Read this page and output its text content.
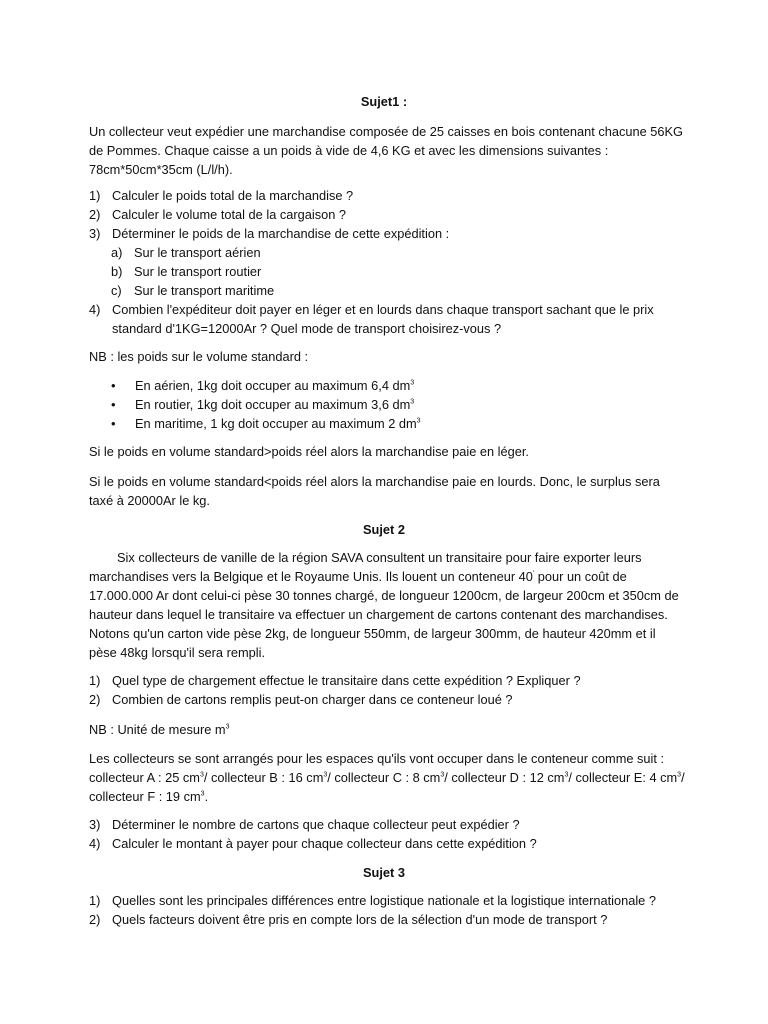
Sujet1 :

Un collecteur veut expédier une marchandise composée de 25 caisses en bois contenant chacune 56KG de Pommes. Chaque caisse a un poids à vide de 4,6 KG et avec les dimensions suivantes : 78cm*50cm*35cm (L/l/h).

1) Calculer le poids total de la marchandise ?
2) Calculer le volume total de la cargaison ?
3) Déterminer le poids de la marchandise de cette expédition :
a) Sur le transport aérien
b) Sur le transport routier
c) Sur le transport maritime
4) Combien l'expéditeur doit payer en léger et en lourds dans chaque transport sachant que le prix standard d'1KG=12000Ar ? Quel mode de transport choisirez-vous ?

NB : les poids sur le volume standard :

• En aérien, 1kg doit occuper au maximum 6,4 $dm^3$
• En routier, 1kg doit occuper au maximum 3,6 $dm^3$
• En maritime, 1 kg doit occuper au maximum 2 $dm^3$

Si le poids en volume standard>poids réel alors la marchandise paie en léger.

Si le poids en volume standard<poids réel alors la marchandise paie en lourds. Donc, le surplus sera taxé à 20000Ar le kg.

Sujet 2

Six collecteurs de vanille de la région SAVA consultent un transitaire pour faire exporter leurs marchandises vers la Belgique et le Royaume Unis. Ils louent un conteneur 40' pour un coût de 17.000.000 Ar dont celui-ci pèse 30 tonnes chargé, de longueur 1200cm, de largeur 200cm et 350cm de hauteur dans lequel le transitaire va effectuer un chargement de cartons contenant des marchandises. Notons qu'un carton vide pèse 2kg, de longueur 550mm, de largeur 300mm, de hauteur 420mm et il pèse 48kg lorsqu'il sera rempli.

1) Quel type de chargement effectue le transitaire dans cette expédition ? Expliquer ?
2) Combien de cartons remplis peut-on charger dans ce conteneur loué ?

NB : Unité de mesure $m^3$

Les collecteurs se sont arrangés pour les espaces qu'ils vont occuper dans le conteneur comme suit :
collecteur A : 25 $cm^3/$ collecteur B : 16 $cm^3/$ collecteur C : 8 $cm^3/$ collecteur D : 12 $cm^3/$ collecteur E: 4 $cm^3/$ collecteur F : 19 $cm^3$.

3) Déterminer le nombre de cartons que chaque collecteur peut expédier ?
4) Calculer le montant à payer pour chaque collecteur dans cette expédition ?
Sujet 3
1) Quelles sont les principales différences entre logistique nationale et la logistique internationale ?
2) Quels facteurs doivent être pris en compte lors de la sélection d'un mode de transport ?
